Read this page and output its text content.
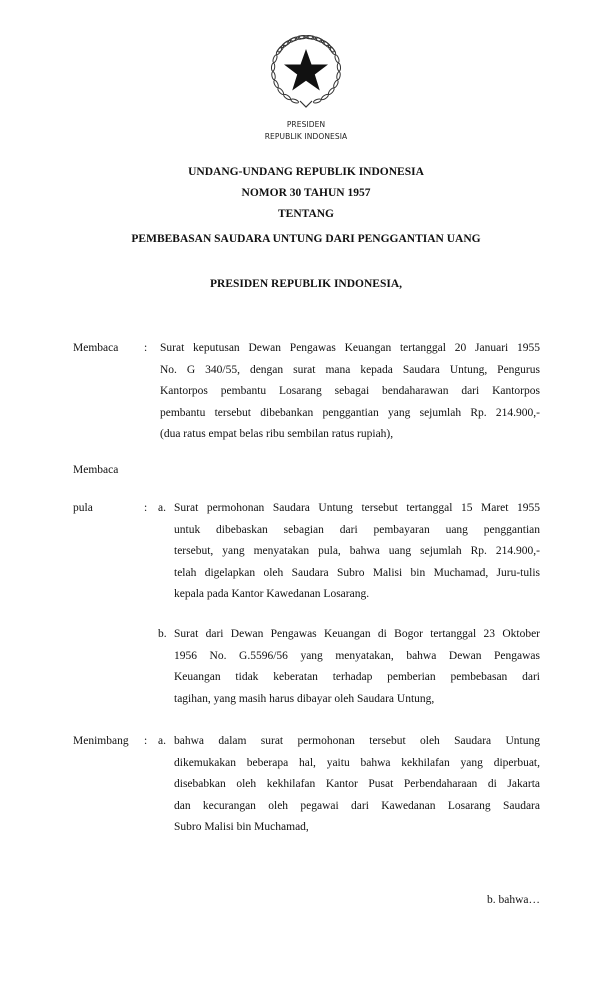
PRESIDEN
REPUBLIK INDONESIA
UNDANG-UNDANG REPUBLIK INDONESIA
NOMOR 30 TAHUN 1957
TENTANG
PEMBEBASAN SAUDARA UNTUNG DARI PENGGANTIAN UANG
PRESIDEN REPUBLIK INDONESIA,
Membaca : Surat keputusan Dewan Pengawas Keuangan tertanggal 20 Januari 1955
No. G 340/55, dengan surat mana kepada Saudara Untung, Pengurus
Kantorpos pembantu Losarang sebagai bendaharawan dari Kantorpos
pembantu tersebut dibebankan penggantian yang sejumlah Rp. 214.900,-
(dua ratus empat belas ribu sembilan ratus rupiah),
Membaca
pula	: a. Surat permohonan Saudara Untung tersebut tertanggal 15 Maret 1955
untuk dibebaskan sebagian dari pembayaran uang penggantian
tersebut, yang menyatakan pula, bahwa uang sejumlah Rp. 214.900,-
telah digelapkan oleh Saudara Subro Malisi bin Muchamad, Juru-tulis
kepala pada Kantor Kawedanan Losarang.
b. Surat dari Dewan Pengawas Keuangan di Bogor tertanggal 23 Oktober
1956 No. G.5596/56 yang menyatakan, bahwa Dewan Pengawas
Keuangan tidak keberatan terhadap pemberian pembebasan dari
tagihan, yang masih harus dibayar oleh Saudara Untung,
Menimbang : a. bahwa dalam surat permohonan tersebut oleh Saudara Untung
dikemukakan beberapa hal, yaitu bahwa kekhilafan yang diperbuat,
disebabkan oleh kekhilafan Kantor Pusat Perbendaharaan di Jakarta
dan kecurangan oleh pegawai dari Kawedanan Losarang Saudara
Subro Malisi bin Muchamad,
b. bahwa…
